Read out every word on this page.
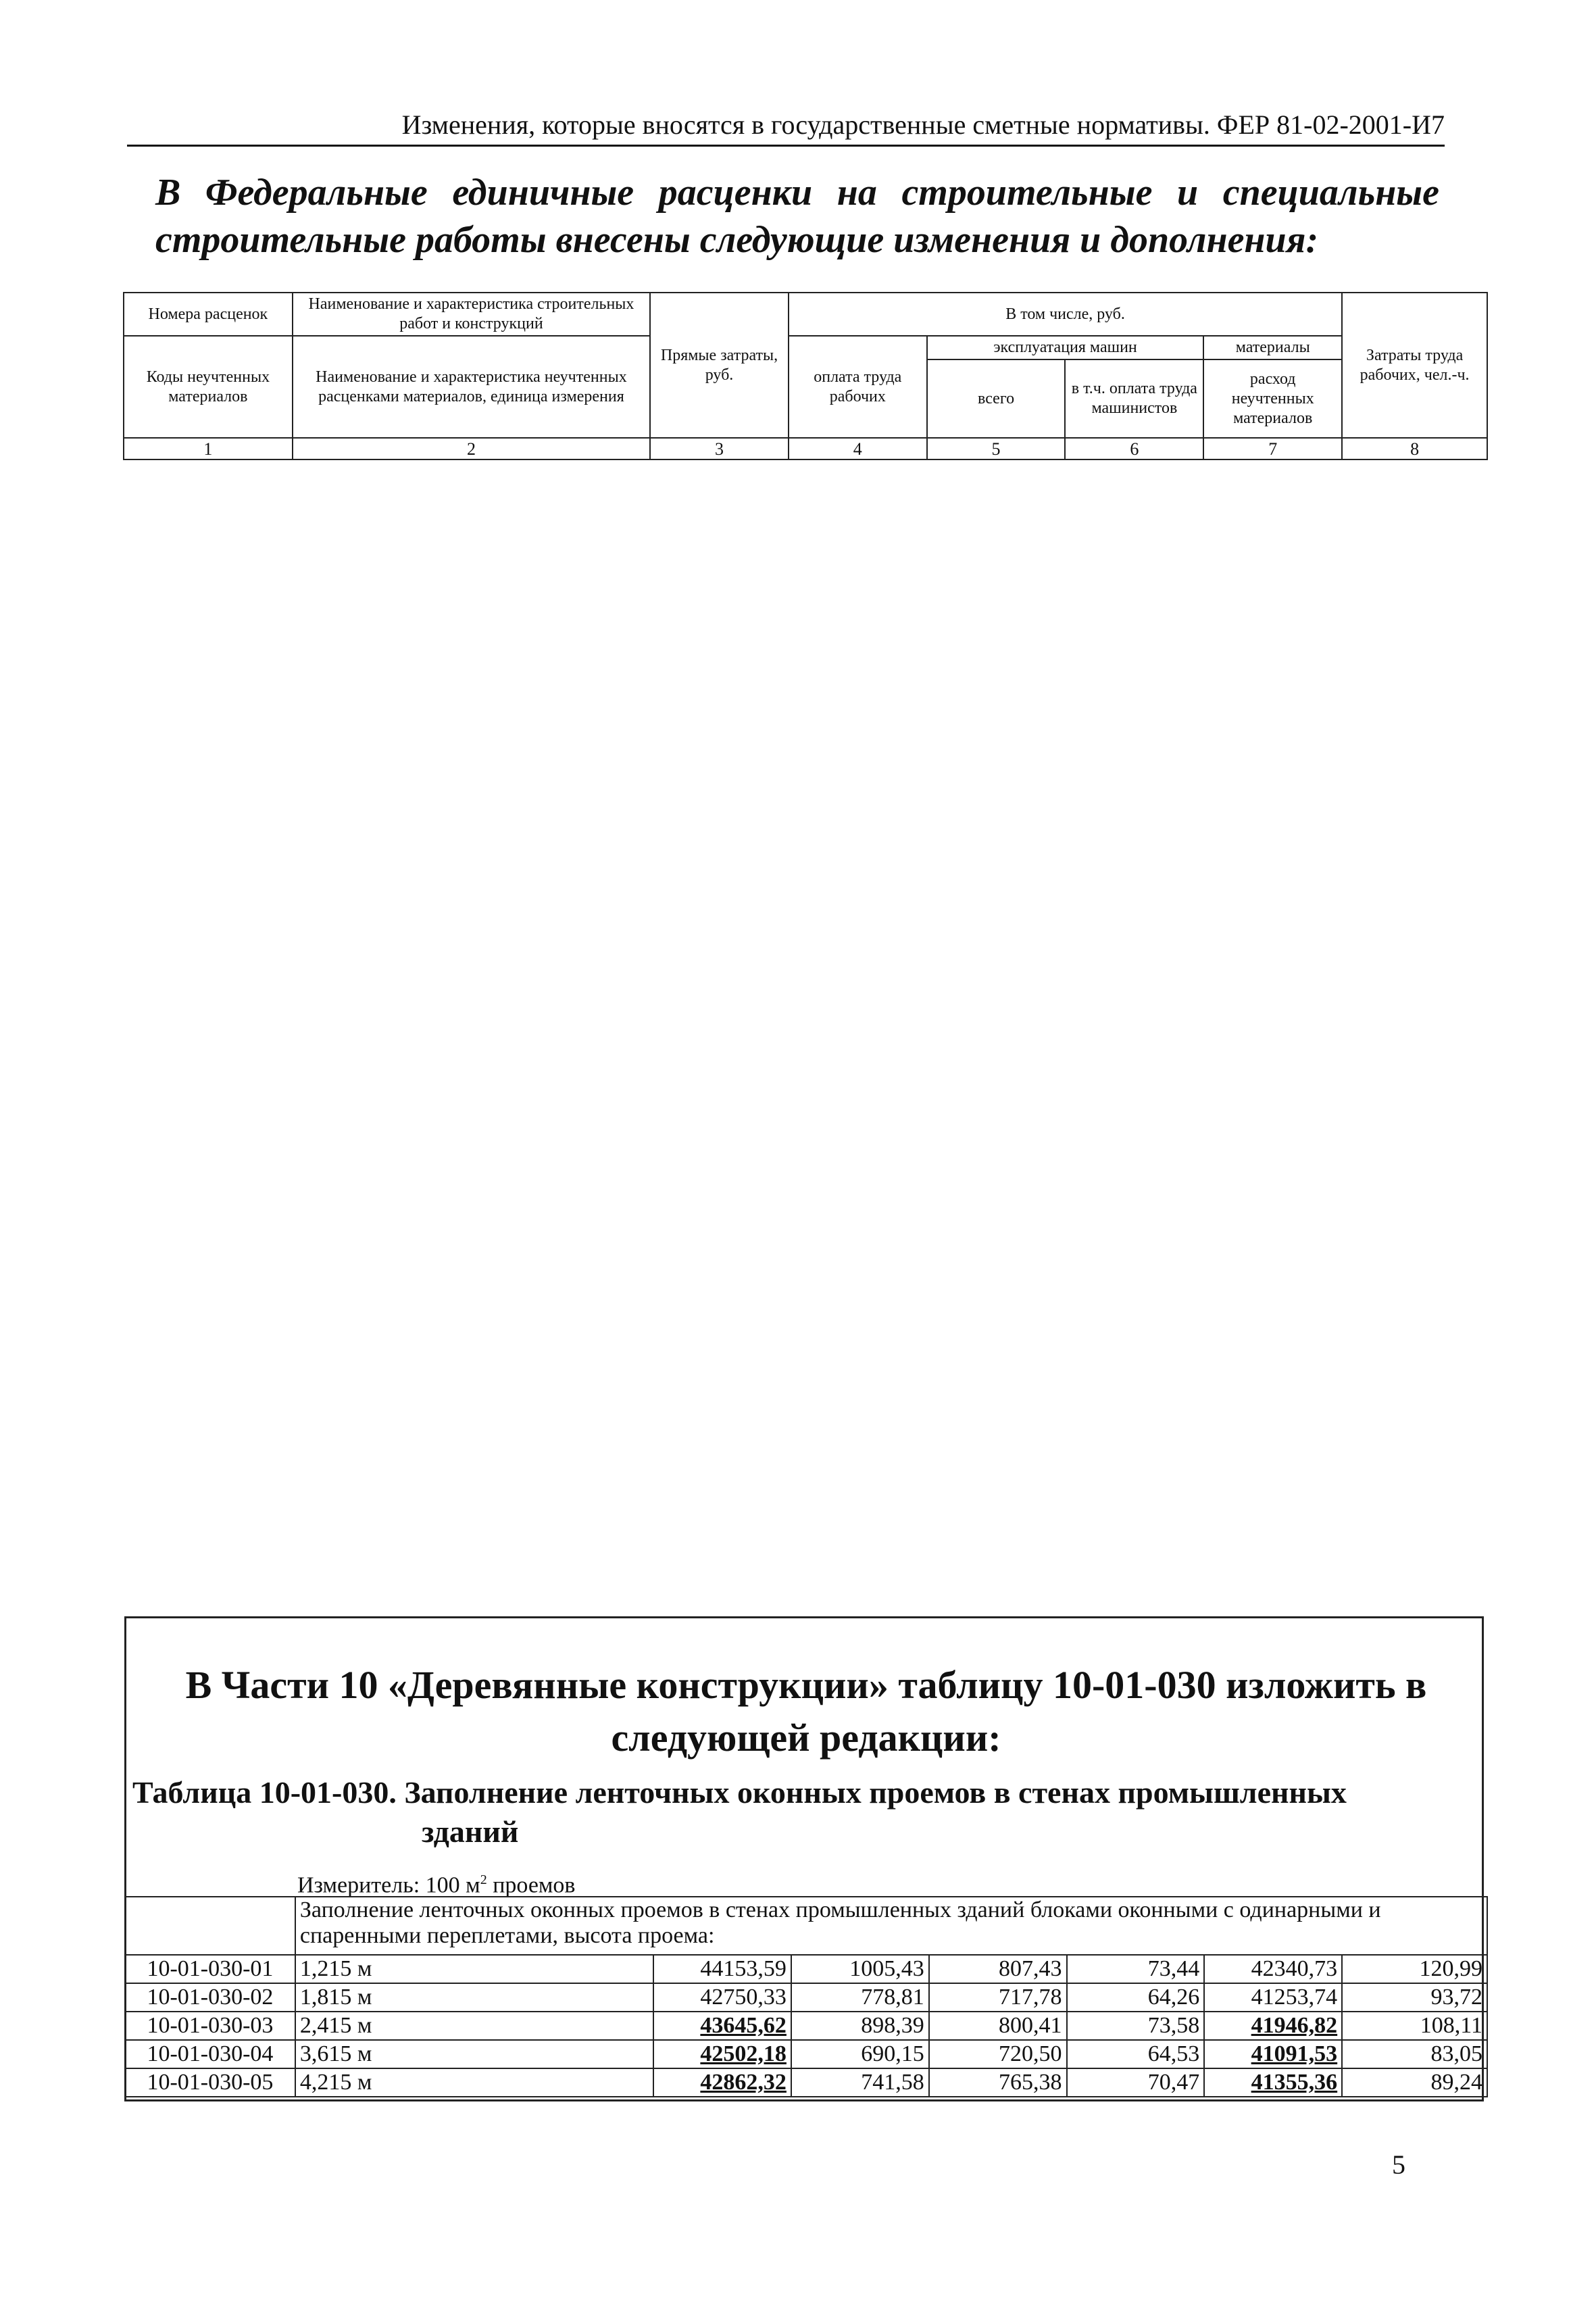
Изменения, которые вносятся в государственные сметные нормативы. ФЕР 81-02-2001-И7
В Федеральные единичные расценки на строительные и специальные строительные работы внесены следующие изменения и дополнения:
Номера расценок	Наименование и характеристика строительных работ и конструкций	Прямые затраты, руб.	В том числе, руб.				Затраты труда рабочих, чел.-ч.
Коды неучтенных материалов	Наименование и характеристика неучтенных расценками материалов, единица измерения		оплата труда рабочих	эксплуатация машин		материалы	
				всего	в т.ч. оплата труда машинистов	расход неучтенных материалов	

1	2	3	4	5	6	7	8
В Части 10 «Деревянные конструкции» таблицу 10-01-030 изложить в
следующей редакции:
Таблица 10-01-030. Заполнение ленточных оконных проемов в стенах промышленных
зданий
Измеритель: 100 $м^2$ проемов
	Заполнение ленточных оконных проемов в стенах промышленных зданий блоками оконными с одинарными и спаренными переплетами, высота проема:						
10-01-030-01	1,215 м	44153,59	1005,43	807,43	73,44	42340,73	120,99
10-01-030-02	1,815 м	42750,33	778,81	717,78	64,26	41253,74	93,72
10-01-030-03	2,415 м	43645,62	898,39	800,41	73,58	41946,82	108,11
10-01-030-04	3,615 м	42502,18	690,15	720,50	64,53	41091,53	83,05
10-01-030-05	4,215 м	42862,32	741,58	765,38	70,47	41355,36	89,24
5
